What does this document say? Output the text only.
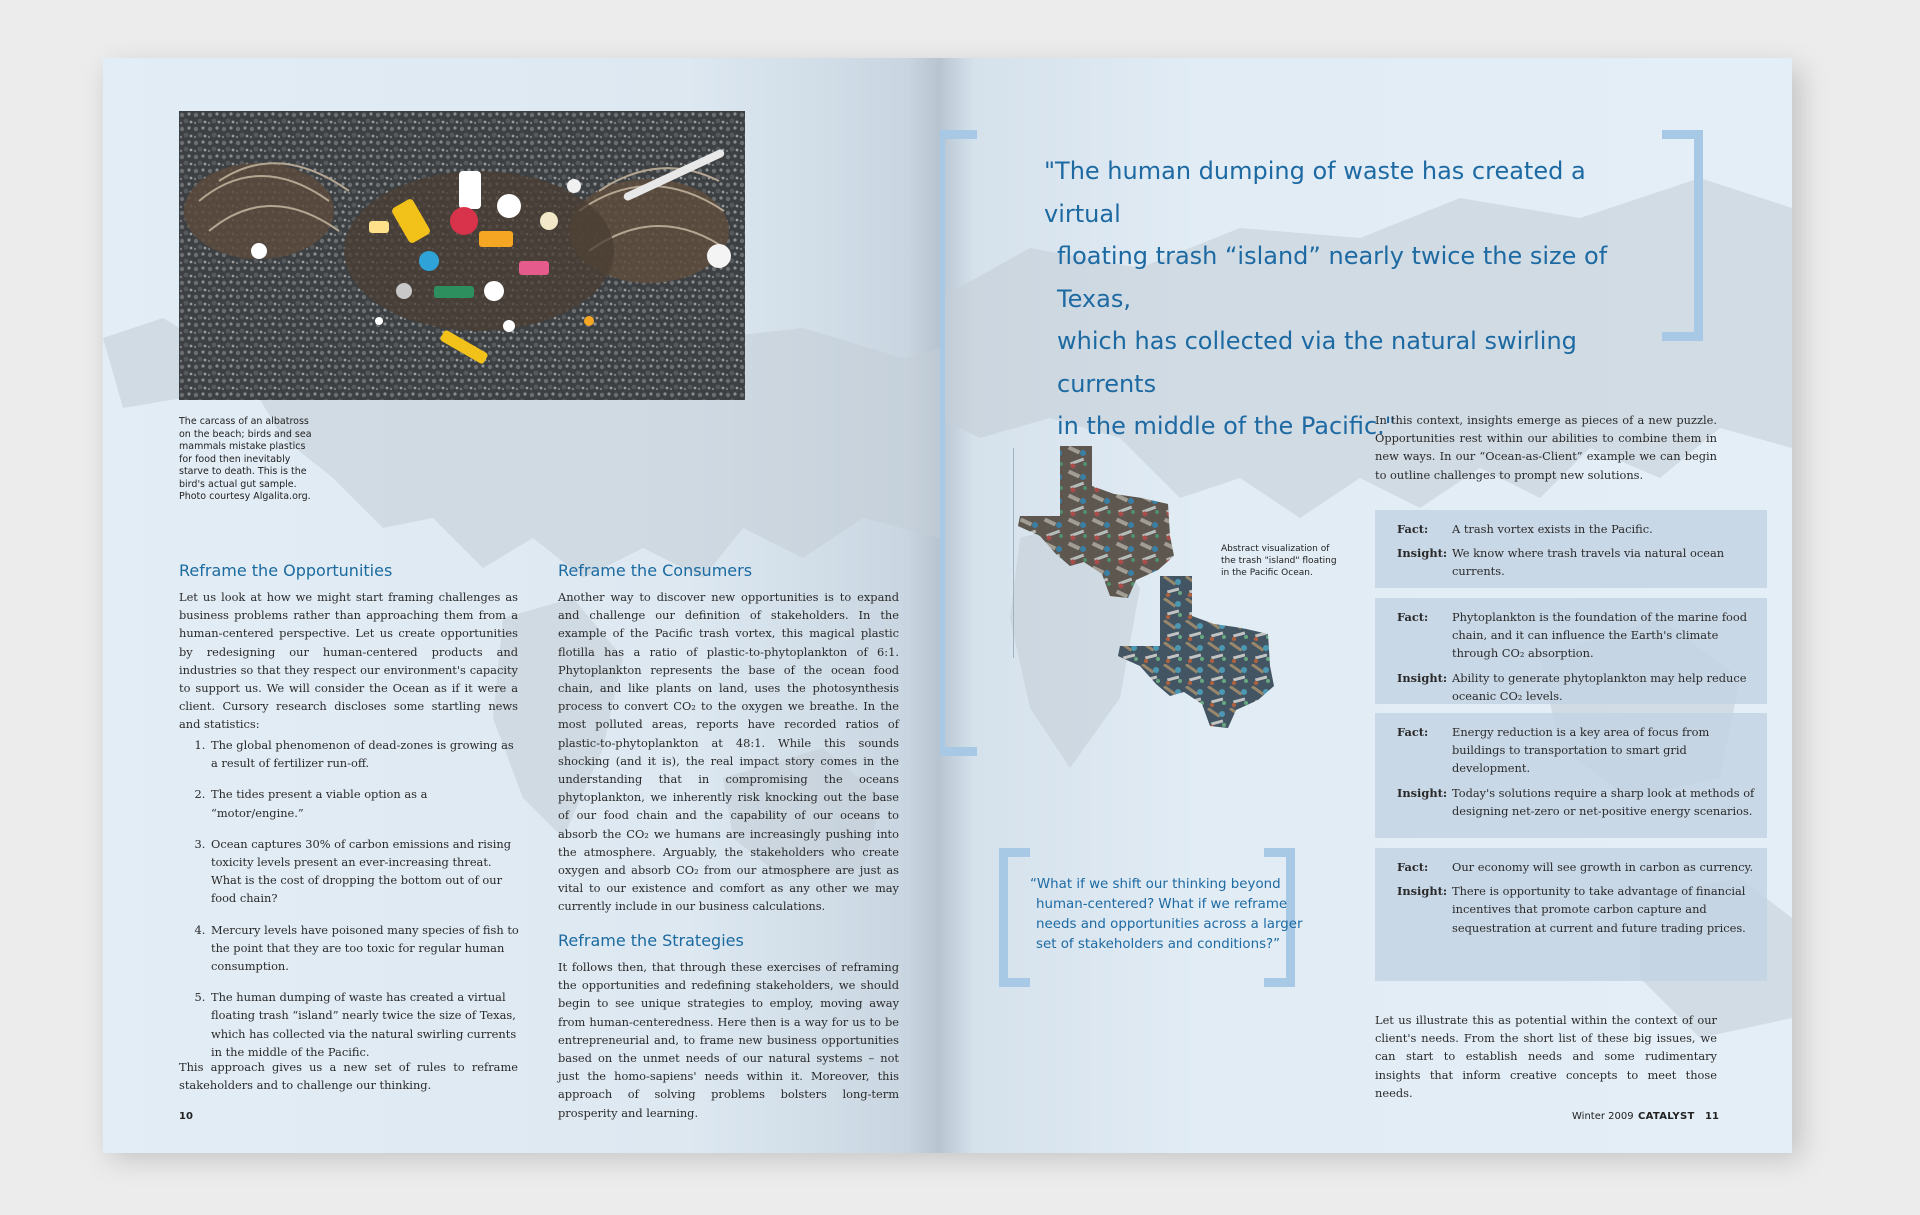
The carcass of an albatross
on the beach; birds and sea
mammals mistake plastics
for food then inevitably
starve to death. This is the
bird's actual gut sample.
Photo courtesy Algalita.org.
Reframe the Opportunities

Let us look at how we might start framing challenges as business problems rather than approaching them from a human-centered perspective. Let us create opportunities by redesigning our human-centered products and industries so that they respect our environment's capacity to support us. We will consider the Ocean as if it were a client. Cursory research discloses some startling news and statistics:

1. The global phenomenon of dead-zones is growing as a result of fertilizer run-off.
2. The tides present a viable option as a “motor/engine.”
3. Ocean captures 30% of carbon emissions and rising toxicity levels present an ever-increasing threat. What is the cost of dropping the bottom out of our food chain?
4. Mercury levels have poisoned many species of fish to the point that they are too toxic for regular human consumption.
5. The human dumping of waste has created a virtual floating trash “island” nearly twice the size of Texas, which has collected via the natural swirling currents in the middle of the Pacific.

This approach gives us a new set of rules to reframe stakeholders and to challenge our thinking.

Reframe the Consumers

Another way to discover new opportunities is to expand and challenge our definition of stakeholders. In the example of the Pacific trash vortex, this magical plastic flotilla has a ratio of plastic-to-phytoplankton of 6:1. Phytoplankton represents the base of the ocean food chain, and like plants on land, uses the photosynthesis process to convert CO₂ to the oxygen we breathe. In the most polluted areas, reports have recorded ratios of plastic-to-phytoplankton at 48:1. While this sounds shocking (and it is), the real impact story comes in the understanding that in compromising the oceans phytoplankton, we inherently risk knocking out the base of our food chain and the capability of our oceans to absorb the CO₂ we humans are increasingly pushing into the atmosphere. Arguably, the stakeholders who create oxygen and absorb CO₂ from our atmosphere are just as vital to our existence and comfort as any other we may currently include in our business calculations.

Reframe the Strategies

It follows then, that through these exercises of reframing the opportunities and redefining stakeholders, we should begin to see unique strategies to employ, moving away from human-centeredness. Here then is a way for us to be entrepreneurial and, to frame new business opportunities based on the unmet needs of our natural systems – not just the homo-sapiens' needs within it. Moreover, this approach of solving problems bolsters long-term prosperity and learning.

10

"The human dumping of waste has created a virtual
floating trash “island” nearly twice the size of Texas,
which has collected via the natural swirling currents
in the middle of the Pacific."

In this context, insights emerge as pieces of a new puzzle. Opportunities rest within our abilities to combine them in new ways. In our “Ocean-as-Client” example we can begin to outline challenges to prompt new solutions.

Abstract visualization of
the trash "island" floating
in the Pacific Ocean.
Fact:	A trash vortex exists in the Pacific.
Insight: We know where trash travels via natural ocean currents.
Fact:	Phytoplankton is the foundation of the marine food chain, and it can influence the Earth's climate through CO₂ absorption.
Insight: Ability to generate phytoplankton may help reduce oceanic CO₂ levels.
Fact:	Energy reduction is a key area of focus from buildings to transportation to smart grid development.
Insight: Today's solutions require a sharp look at methods of designing net-zero or net-positive energy scenarios.
Fact:	Our economy will see growth in carbon as currency.
Insight: There is opportunity to take advantage of financial incentives that promote carbon capture and sequestration at current and future trading prices.

“What if we shift our thinking beyond
human-centered? What if we reframe
needs and opportunities across a larger
set of stakeholders and conditions?”

Let us illustrate this as potential within the context of our client's needs. From the short list of these big issues, we can start to establish needs and some rudimentary insights that inform creative concepts to meet those needs.

Winter 2009 CATALYST 11
